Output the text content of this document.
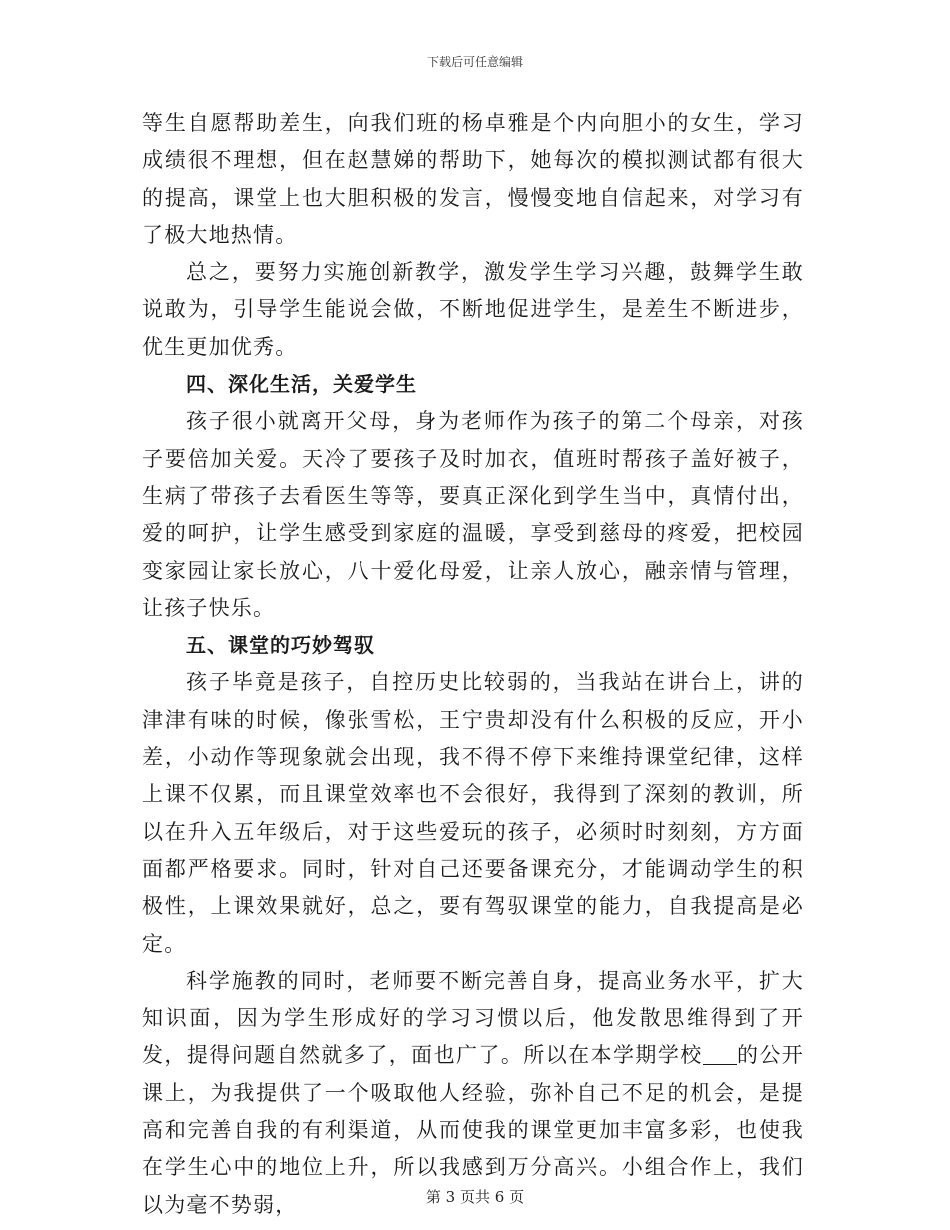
下载后可任意编辑

等生自愿帮助差生，向我们班的杨卓雅是个内向胆小的女生，学习成绩很不理想，但在赵慧娣的帮助下，她每次的模拟测试都有很大的提高，课堂上也大胆积极的发言，慢慢变地自信起来，对学习有了极大地热情。

总之，要努力实施创新教学，激发学生学习兴趣，鼓舞学生敢说敢为，引导学生能说会做，不断地促进学生，是差生不断进步，优生更加优秀。

四、深化生活，关爱学生

孩子很小就离开父母，身为老师作为孩子的第二个母亲，对孩子要倍加关爱。天冷了要孩子及时加衣，值班时帮孩子盖好被子，生病了带孩子去看医生等等，要真正深化到学生当中，真情付出，爱的呵护，让学生感受到家庭的温暖，享受到慈母的疼爱，把校园变家园让家长放心，八十爱化母爱，让亲人放心，融亲情与管理，让孩子快乐。

五、课堂的巧妙驾驭

孩子毕竟是孩子，自控历史比较弱的，当我站在讲台上，讲的津津有味的时候，像张雪松，王宁贵却没有什么积极的反应，开小差，小动作等现象就会出现，我不得不停下来维持课堂纪律，这样上课不仅累，而且课堂效率也不会很好，我得到了深刻的教训，所以在升入五年级后，对于这些爱玩的孩子，必须时时刻刻，方方面面都严格要求。同时，针对自己还要备课充分，才能调动学生的积极性，上课效果就好，总之，要有驾驭课堂的能力，自我提高是必定。

科学施教的同时，老师要不断完善自身，提高业务水平，扩大知识面，因为学生形成好的学习习惯以后，他发散思维得到了开发，提得问题自然就多了，面也广了。所以在本学期学校 的公开课上，为我提供了一个吸取他人经验，弥补自己不足的机会，是提高和完善自我的有利渠道，从而使我的课堂更加丰富多彩，也使我在学生心中的地位上升，所以我感到万分高兴。小组合作上，我们以为毫不势弱，	第 3 页共 6 页
